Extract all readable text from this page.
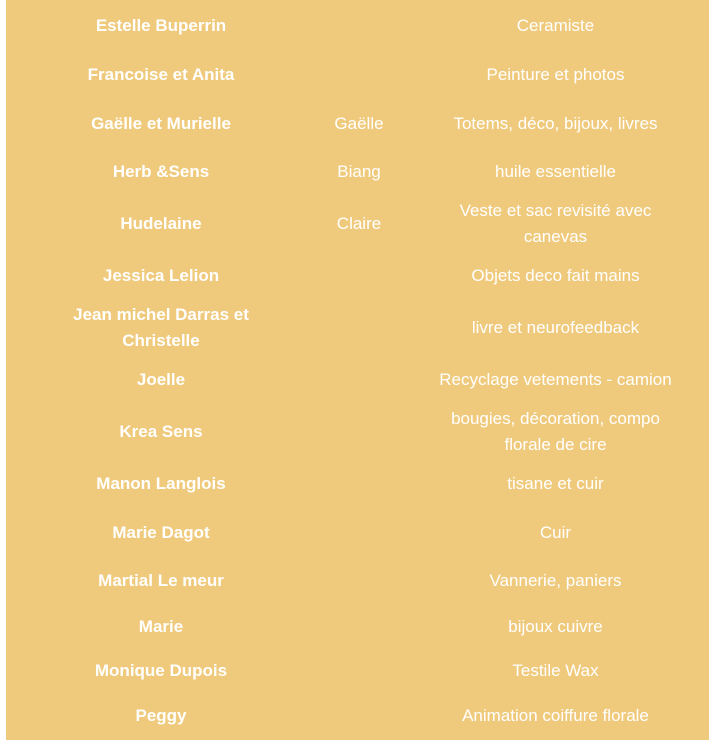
Estelle Buperrin		Ceramiste
Francoise et Anita		Peinture et photos
Gaëlle et Murielle	Gaëlle	Totems, déco, bijoux, livres
Herb &Sens	Biang	huile essentielle
Hudelaine	Claire	Veste et sac revisité avec canevas
Jessica Lelion		Objets deco fait mains
Jean michel Darras et Christelle		livre et neurofeedback
Joelle		Recyclage vetements - camion
Krea Sens		bougies, décoration, compo florale de cire
Manon Langlois		tisane et cuir
Marie Dagot		Cuir
Martial Le meur		Vannerie, paniers
Marie		bijoux cuivre
Monique Dupois		Testile Wax
Peggy		Animation coiffure florale
